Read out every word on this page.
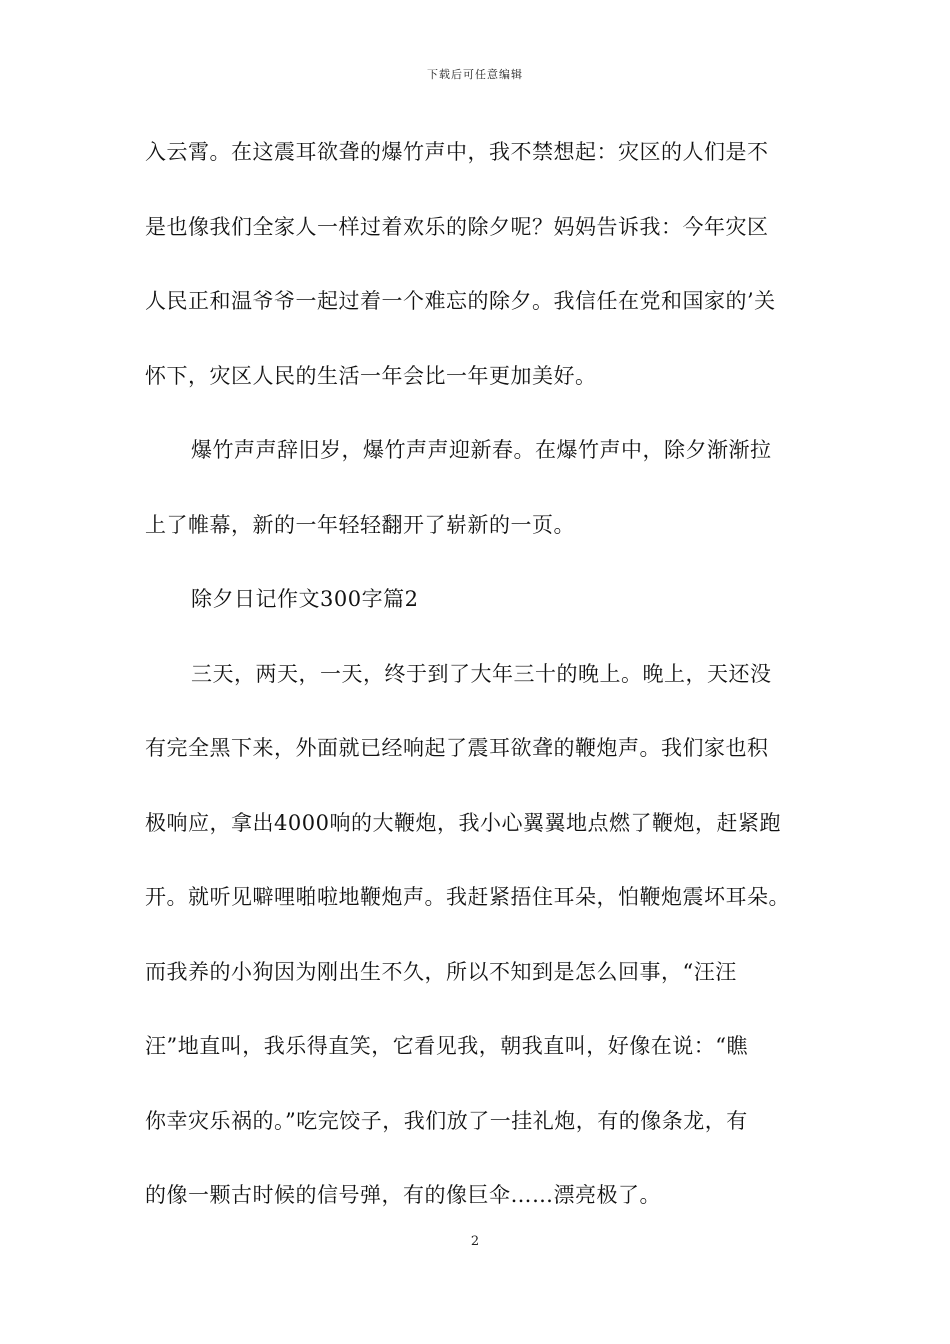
下载后可任意编辑
入云霄。在这震耳欲聋的爆竹声中，我不禁想起：灾区的人们是不
是也像我们全家人一样过着欢乐的除夕呢？妈妈告诉我：今年灾区
人民正和温爷爷一起过着一个难忘的除夕。我信任在党和国家的’关
怀下，灾区人民的生活一年会比一年更加美好。
爆竹声声辞旧岁，爆竹声声迎新春。在爆竹声中，除夕渐渐拉
上了帷幕，新的一年轻轻翻开了崭新的一页。
除夕日记作文300字篇2
三天，两天，一天，终于到了大年三十的晚上。晚上，天还没
有完全黑下来，外面就已经响起了震耳欲聋的鞭炮声。我们家也积
极响应，拿出4000响的大鞭炮，我小心翼翼地点燃了鞭炮，赶紧跑
开。就听见噼哩啪啦地鞭炮声。我赶紧捂住耳朵，怕鞭炮震坏耳朵。
而我养的小狗因为刚出生不久，所以不知到是怎么回事，“汪汪
汪”地直叫，我乐得直笑，它看见我，朝我直叫，好像在说：“瞧
你幸灾乐祸的。”吃完饺子，我们放了一挂礼炮，有的像条龙，有
的像一颗古时候的信号弹，有的像巨伞……漂亮极了。
2
